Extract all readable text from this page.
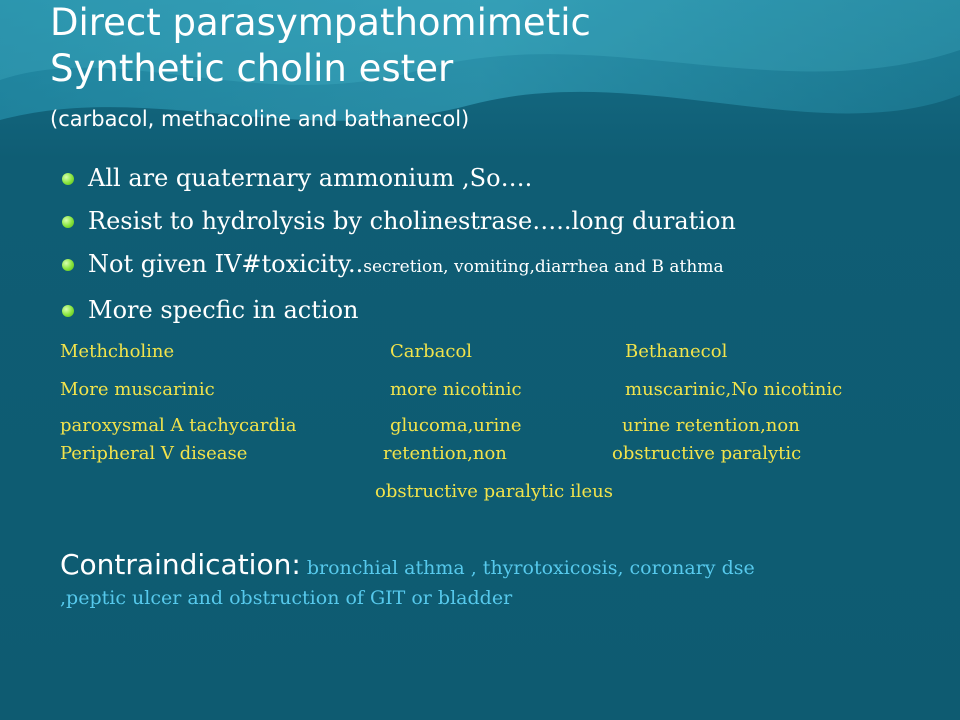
Direct parasympathomimetic
Synthetic cholin ester
(carbacol, methacoline and bathanecol)
All are quaternary ammonium ,So….
Resist to hydrolysis by cholinestrase…..long duration
Not given IV#toxicity..secretion, vomiting,diarrhea and B athma
More specfic in action
Methcholine	Carbacol	Bethanecol
More muscarinic	more nicotinic	muscarinic,No nicotinic
paroxysmal A tachycardia	glucoma,urine	urine retention,non
Peripheral V disease	retention,non	obstructive paralytic
obstructive paralytic ileus
Contraindication: bronchial athma , thyrotoxicosis, coronary dse
,peptic ulcer and obstruction of GIT or bladder
